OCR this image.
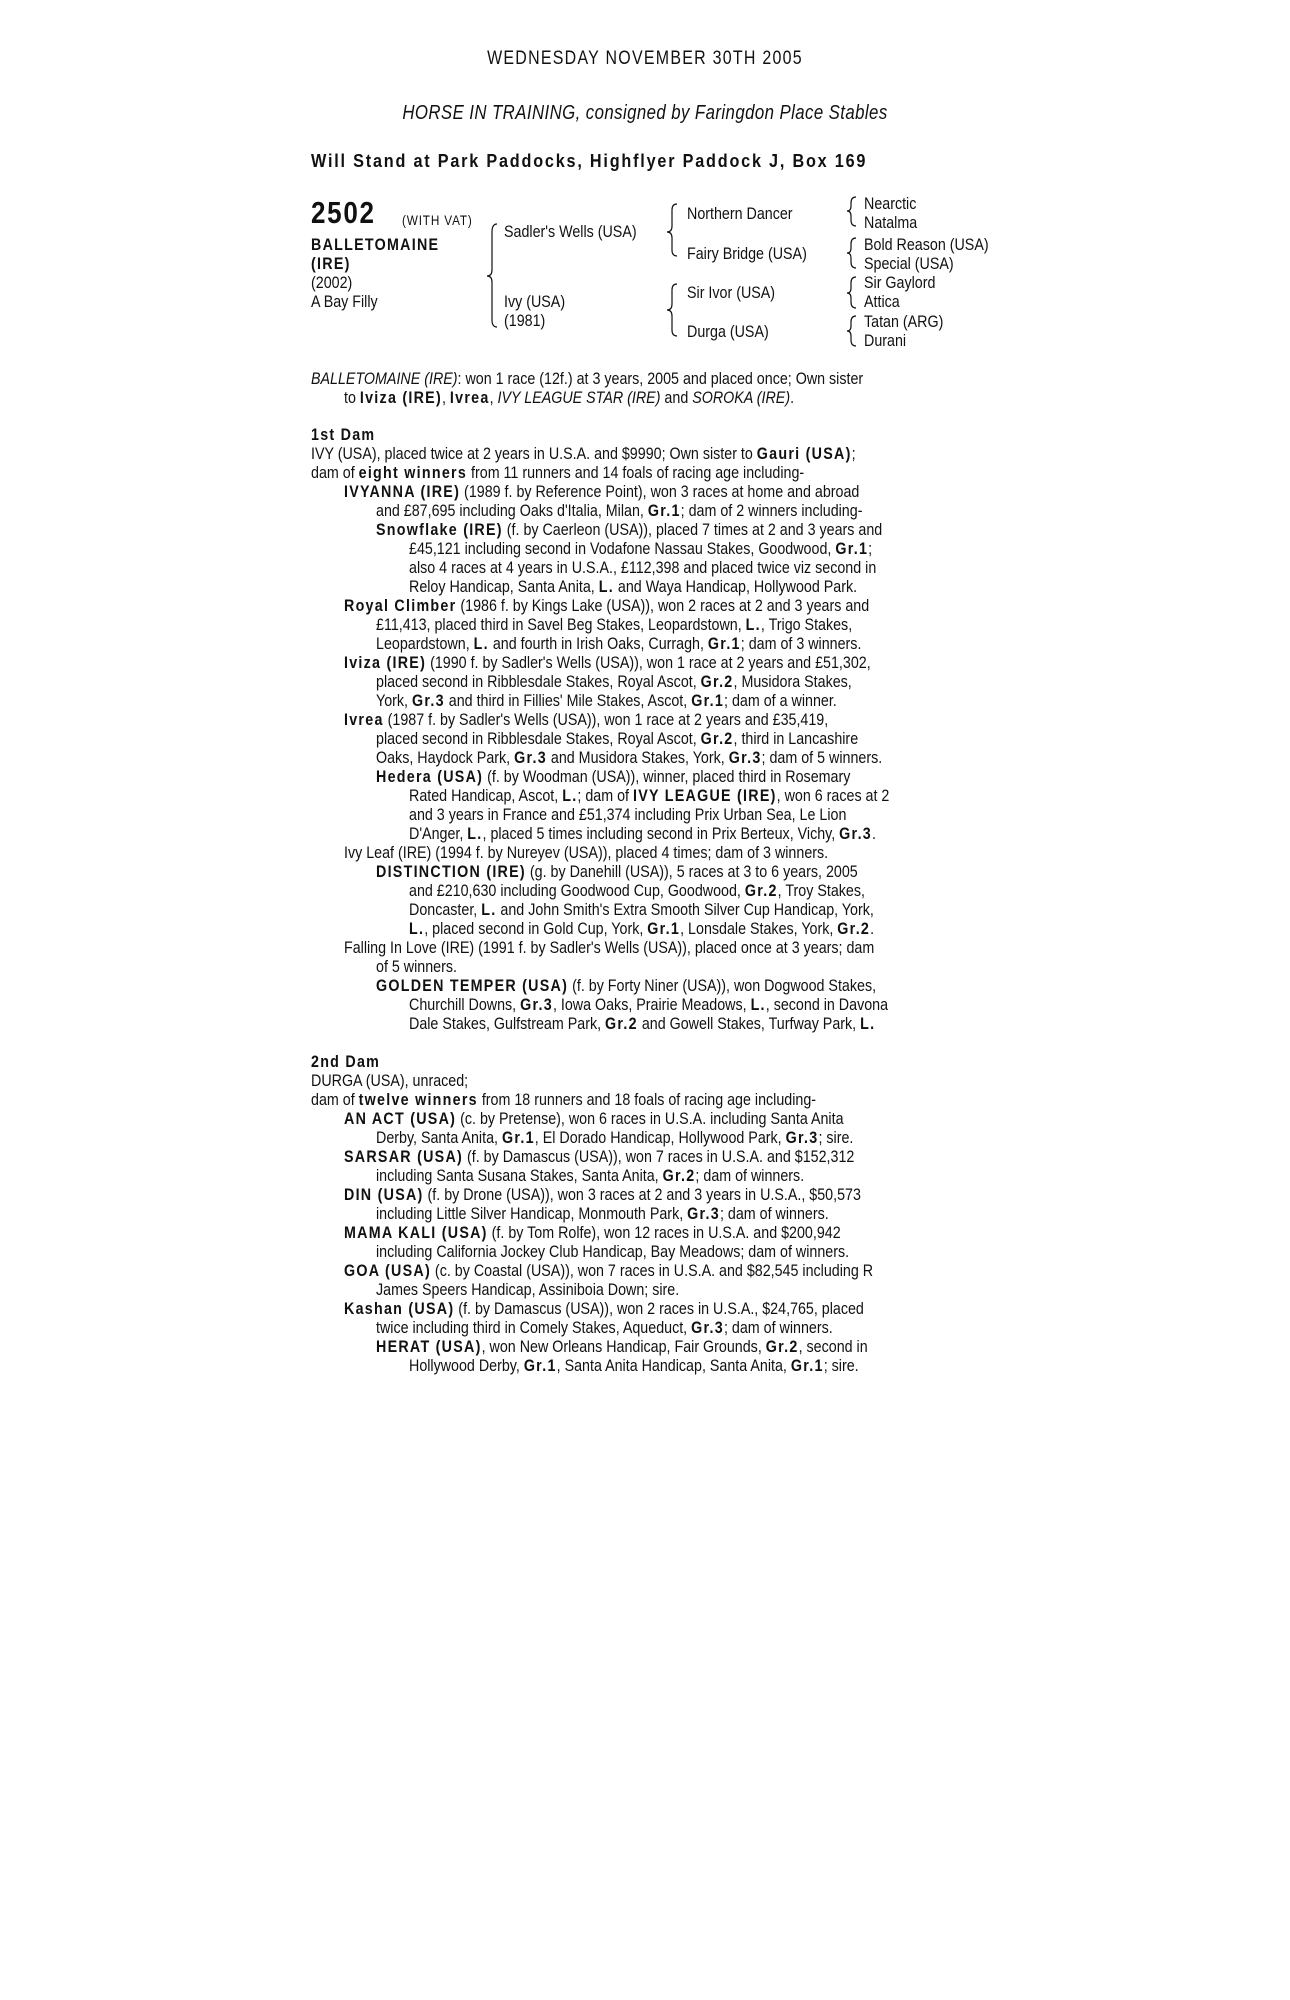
WEDNESDAY NOVEMBER 30TH 2005
HORSE IN TRAINING, consigned by Faringdon Place Stables
Will Stand at Park Paddocks, Highflyer Paddock J, Box 169
2502 (WITH VAT)
BALLETOMAINE
(IRE)
(2002)
A Bay Filly
Sadler's Wells (USA)
Ivy (USA)
(1981)
Northern Dancer
Fairy Bridge (USA)
Sir Ivor (USA)
Durga (USA)
Nearctic
Natalma
Bold Reason (USA)
Special (USA)
Sir Gaylord
Attica
Tatan (ARG)
Durani
BALLETOMAINE (IRE): won 1 race (12f.) at 3 years, 2005 and placed once; Own sister
to Iviza (IRE), Ivrea, IVY LEAGUE STAR (IRE) and SOROKA (IRE).
1st Dam
IVY (USA), placed twice at 2 years in U.S.A. and $9990; Own sister to Gauri (USA);
dam of eight winners from 11 runners and 14 foals of racing age including-
IVYANNA (IRE) (1989 f. by Reference Point), won 3 races at home and abroad
and £87,695 including Oaks d'Italia, Milan, Gr.1; dam of 2 winners including-
Snowflake (IRE) (f. by Caerleon (USA)), placed 7 times at 2 and 3 years and
£45,121 including second in Vodafone Nassau Stakes, Goodwood, Gr.1;
also 4 races at 4 years in U.S.A., £112,398 and placed twice viz second in
Reloy Handicap, Santa Anita, L. and Waya Handicap, Hollywood Park.
Royal Climber (1986 f. by Kings Lake (USA)), won 2 races at 2 and 3 years and
£11,413, placed third in Savel Beg Stakes, Leopardstown, L., Trigo Stakes,
Leopardstown, L. and fourth in Irish Oaks, Curragh, Gr.1; dam of 3 winners.
Iviza (IRE) (1990 f. by Sadler's Wells (USA)), won 1 race at 2 years and £51,302,
placed second in Ribblesdale Stakes, Royal Ascot, Gr.2, Musidora Stakes,
York, Gr.3 and third in Fillies' Mile Stakes, Ascot, Gr.1; dam of a winner.
Ivrea (1987 f. by Sadler's Wells (USA)), won 1 race at 2 years and £35,419,
placed second in Ribblesdale Stakes, Royal Ascot, Gr.2, third in Lancashire
Oaks, Haydock Park, Gr.3 and Musidora Stakes, York, Gr.3; dam of 5 winners.
Hedera (USA) (f. by Woodman (USA)), winner, placed third in Rosemary
Rated Handicap, Ascot, L.; dam of IVY LEAGUE (IRE), won 6 races at 2
and 3 years in France and £51,374 including Prix Urban Sea, Le Lion
D'Anger, L., placed 5 times including second in Prix Berteux, Vichy, Gr.3.
Ivy Leaf (IRE) (1994 f. by Nureyev (USA)), placed 4 times; dam of 3 winners.
DISTINCTION (IRE) (g. by Danehill (USA)), 5 races at 3 to 6 years, 2005
and £210,630 including Goodwood Cup, Goodwood, Gr.2, Troy Stakes,
Doncaster, L. and John Smith's Extra Smooth Silver Cup Handicap, York,
L., placed second in Gold Cup, York, Gr.1, Lonsdale Stakes, York, Gr.2.
Falling In Love (IRE) (1991 f. by Sadler's Wells (USA)), placed once at 3 years; dam
of 5 winners.
GOLDEN TEMPER (USA) (f. by Forty Niner (USA)), won Dogwood Stakes,
Churchill Downs, Gr.3, Iowa Oaks, Prairie Meadows, L., second in Davona
Dale Stakes, Gulfstream Park, Gr.2 and Gowell Stakes, Turfway Park, L.
2nd Dam
DURGA (USA), unraced;
dam of twelve winners from 18 runners and 18 foals of racing age including-
AN ACT (USA) (c. by Pretense), won 6 races in U.S.A. including Santa Anita
Derby, Santa Anita, Gr.1, El Dorado Handicap, Hollywood Park, Gr.3; sire.
SARSAR (USA) (f. by Damascus (USA)), won 7 races in U.S.A. and $152,312
including Santa Susana Stakes, Santa Anita, Gr.2; dam of winners.
DIN (USA) (f. by Drone (USA)), won 3 races at 2 and 3 years in U.S.A., $50,573
including Little Silver Handicap, Monmouth Park, Gr.3; dam of winners.
MAMA KALI (USA) (f. by Tom Rolfe), won 12 races in U.S.A. and $200,942
including California Jockey Club Handicap, Bay Meadows; dam of winners.
GOA (USA) (c. by Coastal (USA)), won 7 races in U.S.A. and $82,545 including R
James Speers Handicap, Assiniboia Down; sire.
Kashan (USA) (f. by Damascus (USA)), won 2 races in U.S.A., $24,765, placed
twice including third in Comely Stakes, Aqueduct, Gr.3; dam of winners.
HERAT (USA), won New Orleans Handicap, Fair Grounds, Gr.2, second in
Hollywood Derby, Gr.1, Santa Anita Handicap, Santa Anita, Gr.1; sire.
